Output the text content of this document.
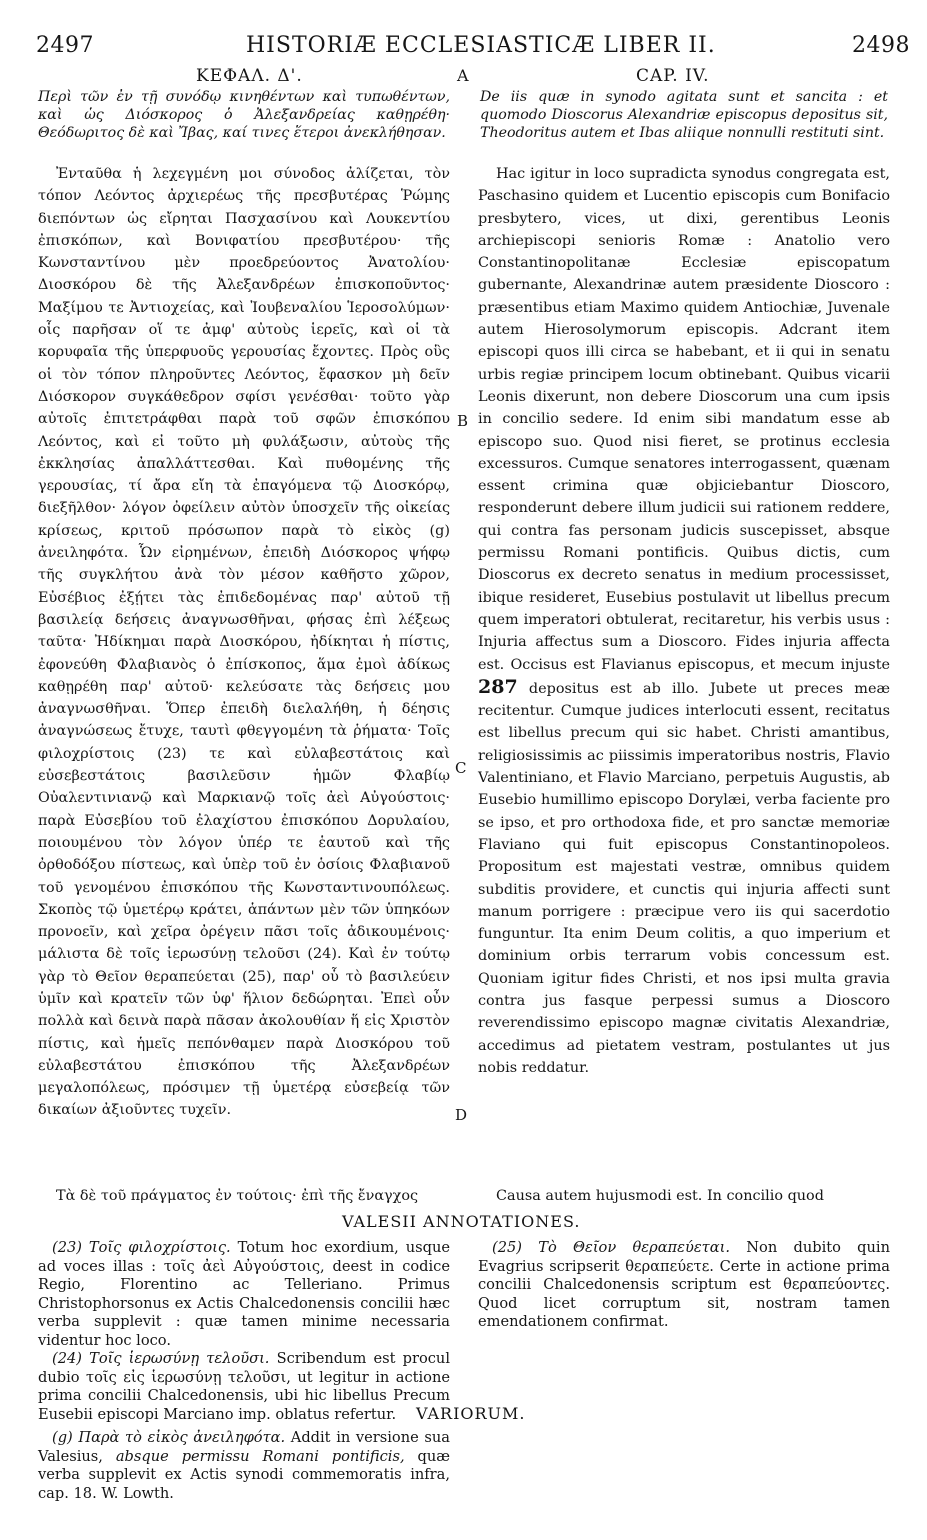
2497	HISTORIÆ ECCLESIASTICÆ LIBER II.	2498
ΚΕΦΑΛ. Δ'.	A	CAP. IV.
Περὶ τῶν ἐν τῇ συνόδῳ κινηθέντων καὶ τυπωθέντων, καὶ ὡς Διόσκορος ὁ Ἀλεξανδρείας καθῃρέθη· Θεόδωριτος δὲ καὶ Ἴβας, καί τινες ἕτεροι ἀνεκλήθησαν.
De iis quæ in synodo agitata sunt et sancita : et quomodo Dioscorus Alexandriæ episcopus depositus sit, Theodoritus autem et Ibas aliique nonnulli restituti sint.
Ἐνταῦθα ἡ λεχεγμένη μοι σύνοδος ἀλίζεται, τὸν τόπον Λεόντος ἀρχιερέως τῆς πρεσβυτέρας Ῥώμης διεπόντων ὡς εἴρηται Πασχασίνου καὶ Λουκεντίου ἐπισκόπων, καὶ Βονιφατίου πρεσβυτέρου· τῆς Κωνσταντίνου μὲν προεδρεύοντος Ἀνατολίου· Διοσκόρου δὲ τῆς Ἀλεξανδρέων ἐπισκοποῦντος· Μαξίμου τε Ἀντιοχείας, καὶ Ἰουβεναλίου Ἱεροσολύμων· οἷς παρῆσαν οἵ τε ἀμφ' αὐτοὺς ἱερεῖς, καὶ οἱ τὰ κορυφαῖα τῆς ὑπερφυοῦς γερουσίας ἔχοντες. Πρὸς οὓς οἱ τὸν τόπον πληροῦντες Λεόντος, ἔφασκον μὴ δεῖν Διόσκορον συγκάθεδρον σφίσι γενέσθαι· τοῦτο γὰρ αὐτοῖς ἐπιτετράφθαι παρὰ τοῦ σφῶν ἐπισκόπου Λεόντος, καὶ εἰ τοῦτο μὴ φυλάξωσιν, αὐτοὺς τῆς ἐκκλησίας ἀπαλλάττεσθαι. Καὶ πυθομένης τῆς γερουσίας, τί ἄρα εἴη τὰ ἐπαγόμενα τῷ Διοσκόρῳ, διεξῆλθον· λόγον ὀφείλειν αὐτὸν ὑποσχεῖν τῆς οἰκείας κρίσεως, κριτοῦ πρόσωπον παρὰ τὸ εἰκὸς (g) ἀνειληφότα. Ὧν εἰρημένων, ἐπειδὴ Διόσκορος ψήφῳ τῆς συγκλήτου ἀνὰ τὸν μέσον καθῆστο χῶρον, Εὐσέβιος ἐξῄτει τὰς ἐπιδεδομένας παρ' αὐτοῦ τῇ βασιλείᾳ δεήσεις ἀναγνωσθῆναι, φήσας ἐπὶ λέξεως ταῦτα· Ἠδίκημαι παρὰ Διοσκόρου, ἠδίκηται ἡ πίστις, ἐφονεύθη Φλαβιανὸς ὁ ἐπίσκοπος, ἅμα ἐμοὶ ἀδίκως καθῃρέθη παρ' αὐτοῦ· κελεύσατε τὰς δεήσεις μου ἀναγνωσθῆναι. Ὅπερ ἐπειδὴ διελαλήθη, ἡ δέησις ἀναγνώσεως ἔτυχε, ταυτὶ φθεγγομένη τὰ ῥήματα· Τοῖς φιλοχρίστοις (23) τε καὶ εὐλαβεστάτοις καὶ εὐσεβεστάτοις βασιλεῦσιν ἡμῶν Φλαβίῳ Οὐαλεντινιανῷ καὶ Μαρκιανῷ τοῖς ἀεὶ Αὐγούστοις· παρὰ Εὐσεβίου τοῦ ἐλαχίστου ἐπισκόπου Δορυλαίου, ποιουμένου τὸν λόγον ὑπέρ τε ἑαυτοῦ καὶ τῆς ὀρθοδόξου πίστεως, καὶ ὑπὲρ τοῦ ἐν ὁσίοις Φλαβιανοῦ τοῦ γενομένου ἐπισκόπου τῆς Κωνσταντινουπόλεως. Σκοπὸς τῷ ὑμετέρῳ κράτει, ἁπάντων μὲν τῶν ὑπηκόων προνοεῖν, καὶ χεῖρα ὀρέγειν πᾶσι τοῖς ἀδικουμένοις· μάλιστα δὲ τοῖς ἱερωσύνῃ τελοῦσι (24). Καὶ ἐν τούτῳ γὰρ τὸ Θεῖον θεραπεύεται (25), παρ' οὗ τὸ βασιλεύειν ὑμῖν καὶ κρατεῖν τῶν ὑφ' ἥλιον δεδώρηται. Ἐπεὶ οὖν πολλὰ καὶ δεινὰ παρὰ πᾶσαν ἀκολουθίαν ἥ εἰς Χριστὸν πίστις, καὶ ἡμεῖς πεπόνθαμεν παρὰ Διοσκόρου τοῦ εὐλαβεστάτου ἐπισκόπου τῆς Ἀλεξανδρέων μεγαλοπόλεως, πρόσιμεν τῇ ὑμετέρᾳ εὐσεβείᾳ τῶν δικαίων ἀξιοῦντες τυχεῖν.
Hac igitur in loco supradicta synodus congregata est, Paschasino quidem et Lucentio episcopis cum Bonifacio presbytero, vices, ut dixi, gerentibus Leonis archiepiscopi senioris Romæ : Anatolio vero Constantinopolitanæ Ecclesiæ episcopatum gubernante, Alexandrinæ autem præsidente Dioscoro : præsentibus etiam Maximo quidem Antiochiæ, Juvenale autem Hierosolymorum episcopis. Adcrant item episcopi quos illi circa se habebant, et ii qui in senatu urbis regiæ principem locum obtinebant. Quibus vicarii Leonis dixerunt, non debere Dioscorum una cum ipsis in concilio sedere. Id enim sibi mandatum esse ab episcopo suo. Quod nisi fieret, se protinus ecclesia excessuros. Cumque senatores interrogassent, quænam essent crimina quæ objiciebantur Dioscoro, responderunt debere illum judicii sui rationem reddere, qui contra fas personam judicis suscepisset, absque permissu Romani pontificis. Quibus dictis, cum Dioscorus ex decreto senatus in medium processisset, ibique resideret, Eusebius postulavit ut libellus precum quem imperatori obtulerat, recitaretur, his verbis usus : Injuria affectus sum a Dioscoro. Fides injuria affecta est. Occisus est Flavianus episcopus, et mecum injuste 287 depositus est ab illo. Jubete ut preces meæ recitentur. Cumque judices interlocuti essent, recitatus est libellus precum qui sic habet. Christi amantibus, religiosissimis ac piissimis imperatoribus nostris, Flavio Valentiniano, et Flavio Marciano, perpetuis Augustis, ab Eusebio humillimo episcopo Dorylæi, verba faciente pro se ipso, et pro orthodoxa fide, et pro sanctæ memoriæ Flaviano qui fuit episcopus Constantinopoleos. Propositum est majestati vestræ, omnibus quidem subditis providere, et cunctis qui injuria affecti sunt manum porrigere : præcipue vero iis qui sacerdotio funguntur. Ita enim Deum colitis, a quo imperium et dominium orbis terrarum vobis concessum est. Quoniam igitur fides Christi, et nos ipsi multa gravia contra jus fasque perpessi sumus a Dioscoro reverendissimo episcopo magnæ civitatis Alexandriæ, accedimus ad pietatem vestram, postulantes ut jus nobis reddatur.
B
C
D
Τὰ δὲ τοῦ πράγματος ἐν τούτοις· ἐπὶ τῆς ἔναγχος	Causa autem hujusmodi est. In concilio quod
VALESII ANNOTATIONES.

(23) Τοῖς φιλοχρίστοις. Totum hoc exordium, usque ad voces illas : τοῖς ἀεὶ Αὐγούστοις, deest in codice Regio, Florentino ac Telleriano. Primus Christophorsonus ex Actis Chalcedonensis concilii hæc verba supplevit : quæ tamen minime necessaria videntur hoc loco.

(24) Τοῖς ἱερωσύνῃ τελοῦσι. Scribendum est procul dubio τοῖς εἰς ἱερωσύνῃ τελοῦσι, ut legitur in actione prima concilii Chalcedonensis, ubi hic libellus Precum Eusebii episcopi Marciano imp. oblatus refertur.

(25) Τὸ Θεῖον θεραπεύεται. Non dubito quin Evagrius scripserit θεραπεύετε. Certe in actione prima concilii Chalcedonensis scriptum est θεραπεύοντες. Quod licet corruptum sit, nostram tamen emendationem confirmat.

VARIORUM.

(g) Παρὰ τὸ εἰκὸς ἀνειληφότα. Addit in versione sua Valesius, absque permissu Romani pontificis, quæ verba supplevit ex Actis synodi commemoratis infra, cap. 18. W. Lowth.
